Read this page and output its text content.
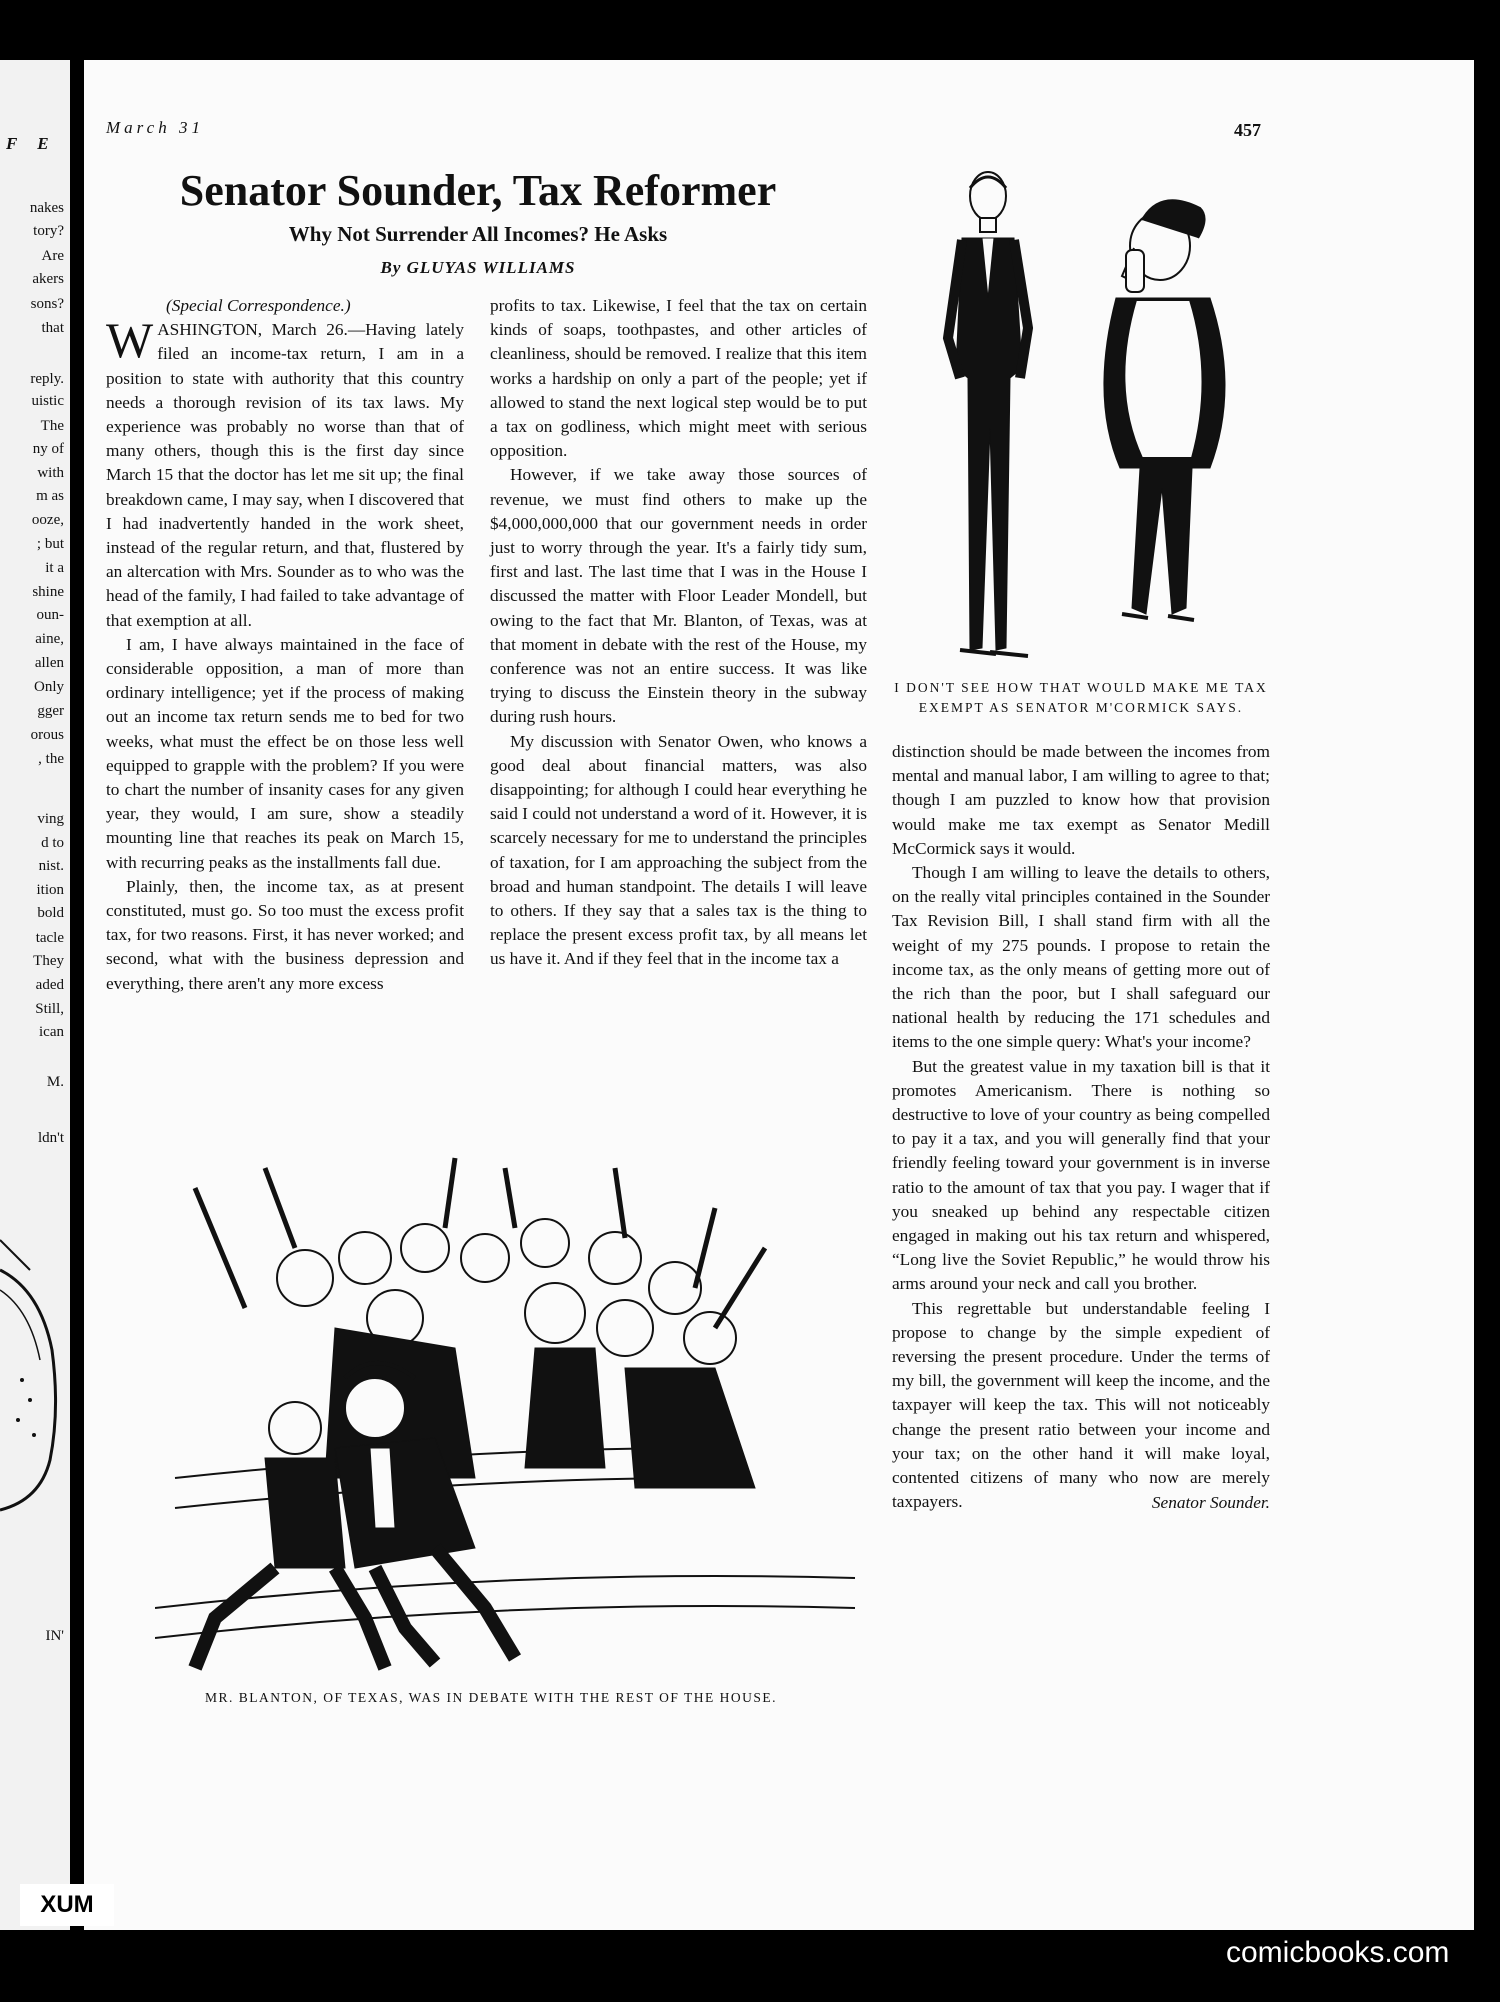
F E
nakes
tory?
Are
akers
sons?
that
reply.
uistic
The
ny of
with
m as
ooze,
; but
it a
shine
oun-
aine,
allen
Only
gger
orous
, the
ving
d to
nist.
ition
bold
tacle
They
aded
Still,
ican
M.
ldn't
IN'
March 31	457
Senator Sounder, Tax Reformer
Why Not Surrender All Incomes? He Asks
By GLUYAS WILLIAMS

(Special Correspondence.)

WASHINGTON, March 26.—Having lately filed an income-tax return, I am in a position to state with authority that this country needs a thorough revision of its tax laws. My experience was probably no worse than that of many others, though this is the first day since March 15 that the doctor has let me sit up; the final breakdown came, I may say, when I discovered that I had inadvertently handed in the work sheet, instead of the regular return, and that, flustered by an altercation with Mrs. Sounder as to who was the head of the family, I had failed to take advantage of that exemption at all.

I am, I have always maintained in the face of considerable opposition, a man of more than ordinary intelligence; yet if the process of making out an income tax return sends me to bed for two weeks, what must the effect be on those less well equipped to grapple with the problem? If you were to chart the number of insanity cases for any given year, they would, I am sure, show a steadily mounting line that reaches its peak on March 15, with recurring peaks as the installments fall due.

Plainly, then, the income tax, as at present constituted, must go. So too must the excess profit tax, for two reasons. First, it has never worked; and second, what with the business depression and everything, there aren't any more excess

profits to tax. Likewise, I feel that the tax on certain kinds of soaps, toothpastes, and other articles of cleanliness, should be removed. I realize that this item works a hardship on only a part of the people; yet if allowed to stand the next logical step would be to put a tax on godliness, which might meet with serious opposition.

However, if we take away those sources of revenue, we must find others to make up the $4,000,000,000 that our government needs in order just to worry through the year. It's a fairly tidy sum, first and last. The last time that I was in the House I discussed the matter with Floor Leader Mondell, but owing to the fact that Mr. Blanton, of Texas, was at that moment in debate with the rest of the House, my conference was not an entire success. It was like trying to discuss the Einstein theory in the subway during rush hours.

My discussion with Senator Owen, who knows a good deal about financial matters, was also disappointing; for although I could hear everything he said I could not understand a word of it. However, it is scarcely necessary for me to understand the principles of taxation, for I am approaching the subject from the broad and human standpoint. The details I will leave to others. If they say that a sales tax is the thing to replace the present excess profit tax, by all means let us have it. And if they feel that in the income tax a

I DON'T SEE HOW THAT WOULD MAKE ME TAX EXEMPT AS SENATOR M'CORMICK SAYS.

distinction should be made between the incomes from mental and manual labor, I am willing to agree to that; though I am puzzled to know how that provision would make me tax exempt as Senator Medill McCormick says it would.

Though I am willing to leave the details to others, on the really vital principles contained in the Sounder Tax Revision Bill, I shall stand firm with all the weight of my 275 pounds. I propose to retain the income tax, as the only means of getting more out of the rich than the poor, but I shall safeguard our national health by reducing the 171 schedules and items to the one simple query: What's your income?

But the greatest value in my taxation bill is that it promotes Americanism. There is nothing so destructive to love of your country as being compelled to pay it a tax, and you will generally find that your friendly feeling toward your government is in inverse ratio to the amount of tax that you pay. I wager that if you sneaked up behind any respectable citizen engaged in making out his tax return and whispered, “Long live the Soviet Republic,” he would throw his arms around your neck and call you brother.

This regrettable but understandable feeling I propose to change by the simple expedient of reversing the present procedure. Under the terms of my bill, the government will keep the income, and the taxpayer will keep the tax. This will not noticeably change the present ratio between your income and your tax; on the other hand it will make loyal, contented citizens of many who now are merely taxpayers.	Senator Sounder.
MR. BLANTON, OF TEXAS, WAS IN DEBATE WITH THE REST OF THE HOUSE.
XUM
comicbooks.com
